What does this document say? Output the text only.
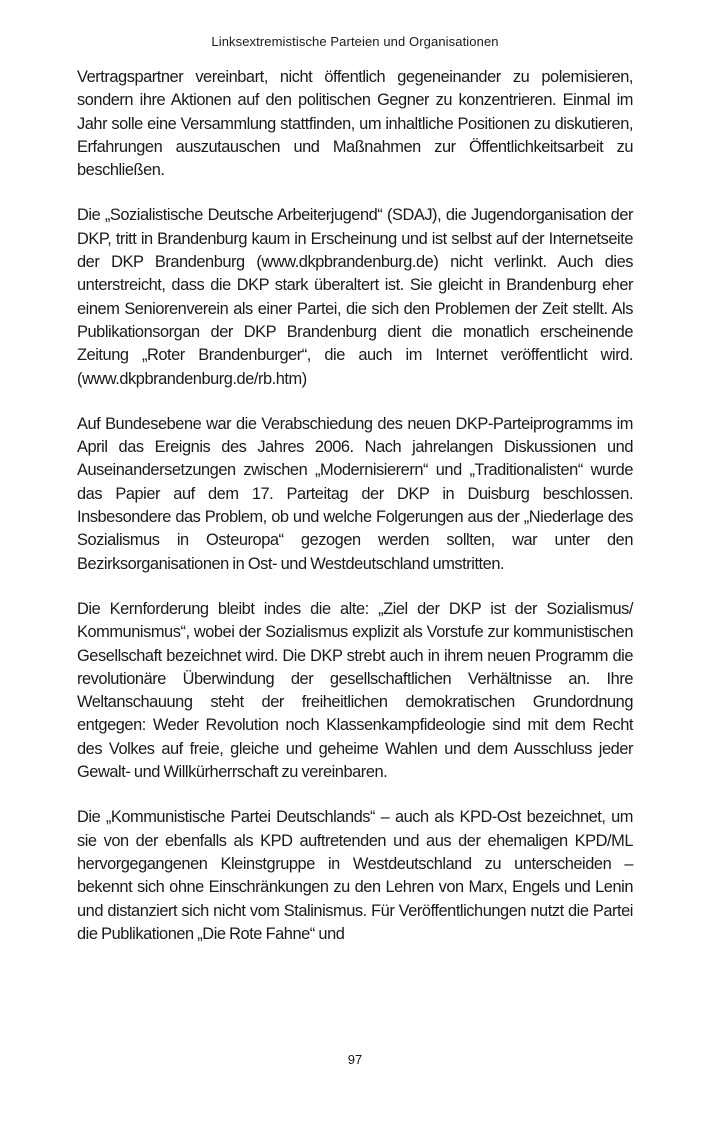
Linksextremistische Parteien und Organisationen

Vertragspartner vereinbart, nicht öffentlich gegeneinander zu polemisieren, sondern ihre Aktionen auf den politischen Gegner zu konzentrieren. Einmal im Jahr solle eine Versammlung stattfinden, um inhaltliche Positionen zu diskutieren, Erfahrungen auszutauschen und Maßnahmen zur Öffentlichkeitsarbeit zu beschließen.

Die „Sozialistische Deutsche Arbeiterjugend“ (SDAJ), die Jugendorganisation der DKP, tritt in Brandenburg kaum in Erscheinung und ist selbst auf der Internetseite der DKP Brandenburg (www.dkpbrandenburg.de) nicht verlinkt. Auch dies unterstreicht, dass die DKP stark überaltert ist. Sie gleicht in Brandenburg eher einem Seniorenverein als einer Partei, die sich den Problemen der Zeit stellt. Als Publikationsorgan der DKP Brandenburg dient die monatlich erscheinende Zeitung „Roter Brandenburger“, die auch im Internet veröffentlicht wird. (www.dkpbrandenburg.de/rb.htm)

Auf Bundesebene war die Verabschiedung des neuen DKP-Parteiprogramms im April das Ereignis des Jahres 2006. Nach jahrelangen Diskussionen und Auseinandersetzungen zwischen „Modernisierern“ und „Traditionalisten“ wurde das Papier auf dem 17. Parteitag der DKP in Duisburg beschlossen. Insbesondere das Problem, ob und welche Folgerungen aus der „Niederlage des Sozialismus in Osteuropa“ gezogen werden sollten, war unter den Bezirksorganisationen in Ost- und Westdeutschland umstritten.

Die Kernforderung bleibt indes die alte: „Ziel der DKP ist der Sozialismus/ Kommunismus“, wobei der Sozialismus explizit als Vorstufe zur kommunistischen Gesellschaft bezeichnet wird. Die DKP strebt auch in ihrem neuen Programm die revolutionäre Überwindung der gesellschaftlichen Verhältnisse an. Ihre Weltanschauung steht der freiheitlichen demokratischen Grundordnung entgegen: Weder Revolution noch Klassenkampfideologie sind mit dem Recht des Volkes auf freie, gleiche und geheime Wahlen und dem Ausschluss jeder Gewalt- und Willkürherrschaft zu vereinbaren.

Die „Kommunistische Partei Deutschlands“ – auch als KPD-Ost bezeichnet, um sie von der ebenfalls als KPD auftretenden und aus der ehemaligen KPD/ML hervorgegangenen Kleinstgruppe in Westdeutschland zu unterscheiden – bekennt sich ohne Einschränkungen zu den Lehren von Marx, Engels und Lenin und distanziert sich nicht vom Stalinismus. Für Veröffentlichungen nutzt die Partei die Publikationen „Die Rote Fahne“ und

97
